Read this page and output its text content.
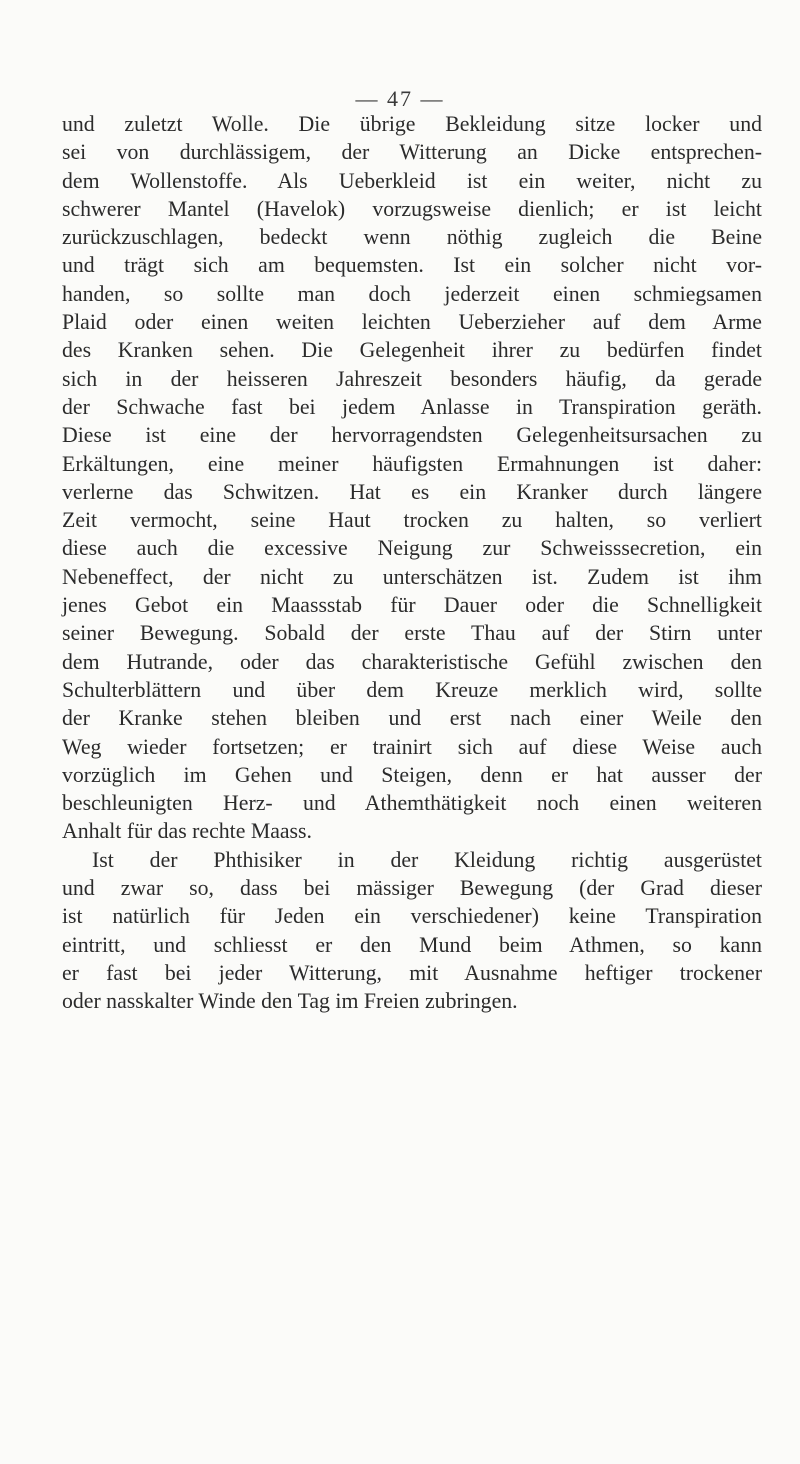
— 47 —
und zuletzt Wolle. Die übrige Bekleidung sitze locker und
sei von durchlässigem, der Witterung an Dicke entsprechen-
dem Wollenstoffe. Als Ueberkleid ist ein weiter, nicht zu
schwerer Mantel (Havelok) vorzugsweise dienlich; er ist leicht
zurückzuschlagen, bedeckt wenn nöthig zugleich die Beine
und trägt sich am bequemsten. Ist ein solcher nicht vor-
handen, so sollte man doch jederzeit einen schmiegsamen
Plaid oder einen weiten leichten Ueberzieher auf dem Arme
des Kranken sehen. Die Gelegenheit ihrer zu bedürfen findet
sich in der heisseren Jahreszeit besonders häufig, da gerade
der Schwache fast bei jedem Anlasse in Transpiration geräth.
Diese ist eine der hervorragendsten Gelegenheitsursachen zu
Erkältungen, eine meiner häufigsten Ermahnungen ist daher:
verlerne das Schwitzen. Hat es ein Kranker durch längere
Zeit vermocht, seine Haut trocken zu halten, so verliert
diese auch die excessive Neigung zur Schweisssecretion, ein
Nebeneffect, der nicht zu unterschätzen ist. Zudem ist ihm
jenes Gebot ein Maassstab für Dauer oder die Schnelligkeit
seiner Bewegung. Sobald der erste Thau auf der Stirn unter
dem Hutrande, oder das charakteristische Gefühl zwischen den
Schulterblättern und über dem Kreuze merklich wird, sollte
der Kranke stehen bleiben und erst nach einer Weile den
Weg wieder fortsetzen; er trainirt sich auf diese Weise auch
vorzüglich im Gehen und Steigen, denn er hat ausser der
beschleunigten Herz- und Athemthätigkeit noch einen weiteren
Anhalt für das rechte Maass.
Ist der Phthisiker in der Kleidung richtig ausgerüstet
und zwar so, dass bei mässiger Bewegung (der Grad dieser
ist natürlich für Jeden ein verschiedener) keine Transpiration
eintritt, und schliesst er den Mund beim Athmen, so kann
er fast bei jeder Witterung, mit Ausnahme heftiger trockener
oder nasskalter Winde den Tag im Freien zubringen.
